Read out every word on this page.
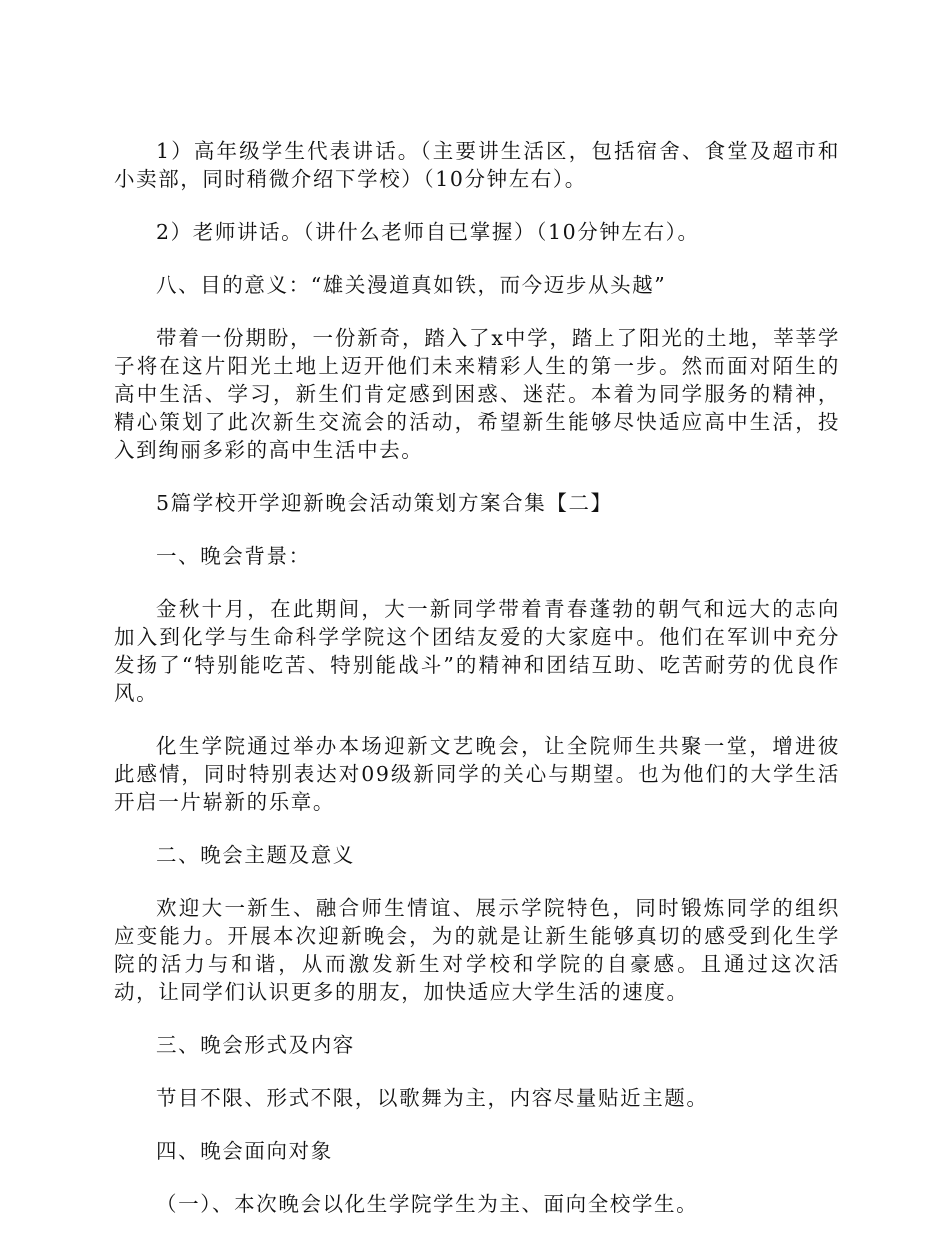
1）高年级学生代表讲话。（主要讲生活区，包括宿舍、食堂及超市和小卖部，同时稍微介绍下学校）（10分钟左右）。

2）老师讲话。（讲什么老师自已掌握）（10分钟左右）。

八、目的意义：“雄关漫道真如铁，而今迈步从头越”

带着一份期盼，一份新奇，踏入了x中学，踏上了阳光的土地，莘莘学子将在这片阳光土地上迈开他们未来精彩人生的第一步。然而面对陌生的高中生活、学习，新生们肯定感到困惑、迷茫。本着为同学服务的精神，精心策划了此次新生交流会的活动，希望新生能够尽快适应高中生活，投入到绚丽多彩的高中生活中去。

5篇学校开学迎新晚会活动策划方案合集【二】

一、晚会背景：

金秋十月，在此期间，大一新同学带着青春蓬勃的朝气和远大的志向加入到化学与生命科学学院这个团结友爱的大家庭中。他们在军训中充分发扬了“特别能吃苦、特别能战斗”的精神和团结互助、吃苦耐劳的优良作风。

化生学院通过举办本场迎新文艺晚会，让全院师生共聚一堂，增进彼此感情，同时特别表达对09级新同学的关心与期望。也为他们的大学生活开启一片崭新的乐章。

二、晚会主题及意义

欢迎大一新生、融合师生情谊、展示学院特色，同时锻炼同学的组织应变能力。开展本次迎新晚会，为的就是让新生能够真切的感受到化生学院的活力与和谐，从而激发新生对学校和学院的自豪感。且通过这次活动，让同学们认识更多的朋友，加快适应大学生活的速度。

三、晚会形式及内容

节目不限、形式不限，以歌舞为主，内容尽量贴近主题。

四、晚会面向对象

（一）、本次晚会以化生学院学生为主、面向全校学生。
